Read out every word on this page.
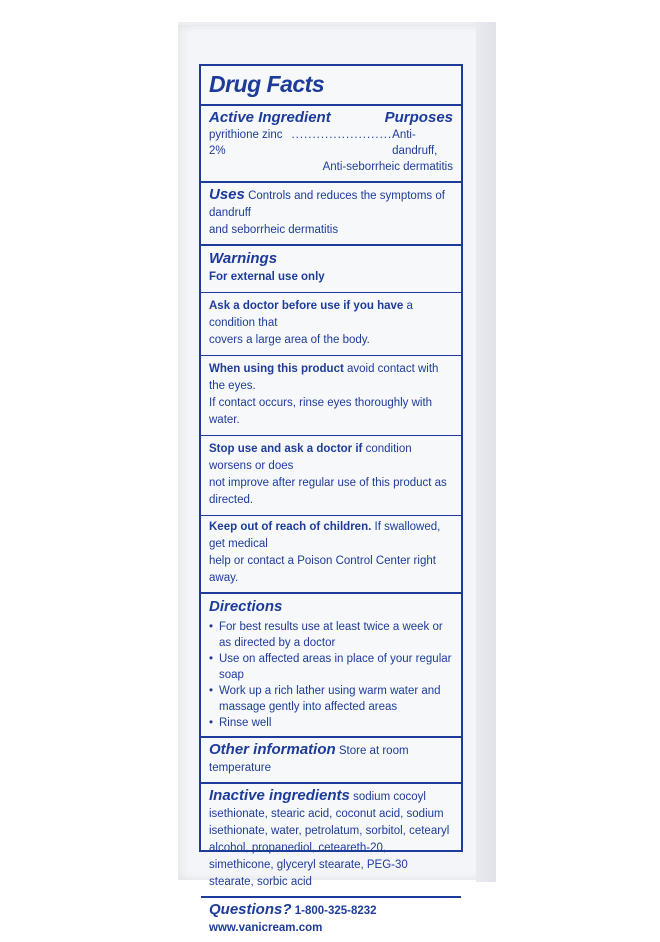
Drug Facts
Active Ingredient	Purposes
pyrithione zinc 2%
........................ Anti-dandruff,
Anti-seborrheic dermatitis
Uses Controls and reduces the symptoms of dandruff
and seborrheic dermatitis
Warnings
For external use only
Ask a doctor before use if you have a condition that
covers a large area of the body.
When using this product avoid contact with the eyes.
If contact occurs, rinse eyes thoroughly with water.
Stop use and ask a doctor if condition worsens or does
not improve after regular use of this product as directed.
Keep out of reach of children. If swallowed, get medical
help or contact a Poison Control Center right away.
Directions
• For best results use at least twice a week or as directed by a doctor
• Use on affected areas in place of your regular soap
• Work up a rich lather using warm water and massage gently into affected areas
• Rinse well
Other information Store at room temperature
Inactive ingredients sodium cocoyl isethionate, stearic acid, coconut acid, sodium isethionate, water, petrolatum, sorbitol, cetearyl alcohol, propanediol, ceteareth-20, simethicone, glyceryl stearate, PEG-30 stearate, sorbic acid
Questions? 1-800-325-8232 www.vanicream.com
